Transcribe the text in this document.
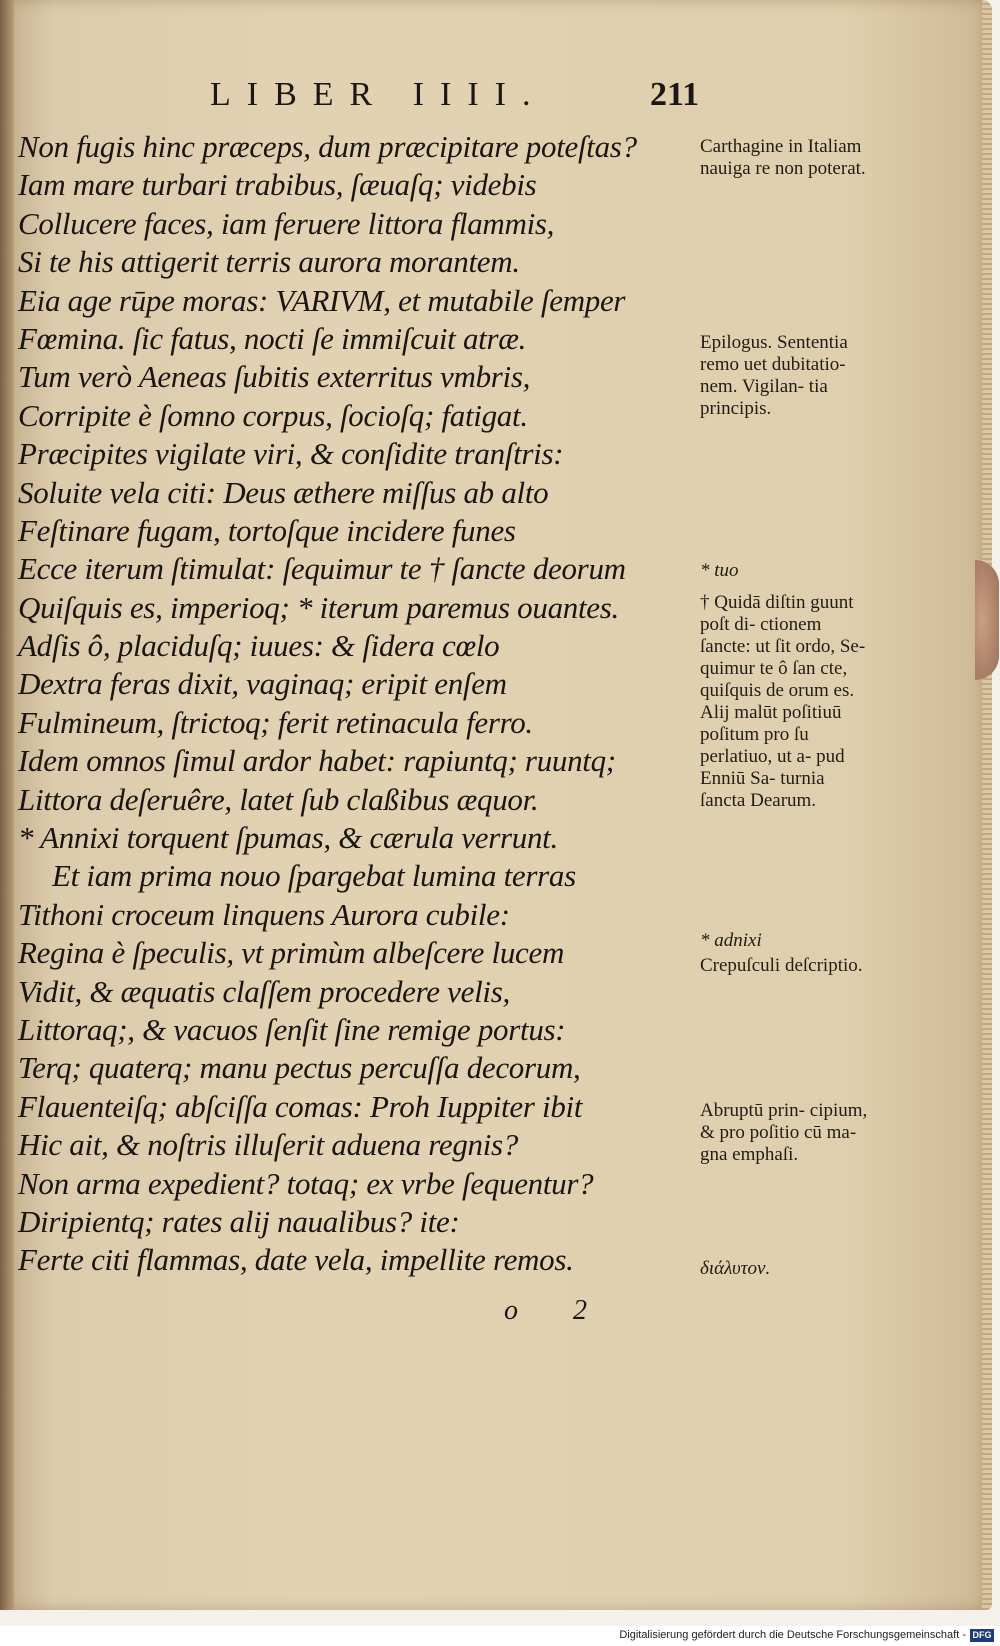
LIBER IIII.	211
Non fugis hinc præceps, dum præcipitare poteſtas?
Iam mare turbari trabibus, ſæuaſq; videbis
Collucere faces, iam feruere littora flammis,
Si te his attigerit terris aurora morantem.
Eia age rūpe moras: VARIVM, et mutabile ſemper
Fœmina. ſic fatus, nocti ſe immiſcuit atræ.
Tum verò Aeneas ſubitis exterritus vmbris,
Corripite è ſomno corpus, ſocioſq; fatigat.
Præcipites vigilate viri, & conſidite tranſtris:
Soluite vela citi: Deus æthere miſſus ab alto
Feſtinare fugam, tortoſque incidere funes
Ecce iterum ſtimulat: ſequimur te † ſancte deorum
Quiſquis es, imperioq; * iterum paremus ouantes.
Adſis ô, placiduſq; iuues: & ſidera cœlo
Dextra feras dixit, vaginaq; eripit enſem
Fulmineum, ſtrictoq; ferit retinacula ferro.
Idem omnos ſimul ardor habet: rapiuntq; ruuntq;
Littora deſeruêre, latet ſub claßibus æquor.
* Annixi torquent ſpumas, & cærula verrunt.
Et iam prima nouo ſpargebat lumina terras
Tithoni croceum linquens Aurora cubile:
Regina è ſpeculis, vt primùm albeſcere lucem
Vidit, & æquatis claſſem procedere velis,
Littoraq;, & vacuos ſenſit ſine remige portus:
Terq; quaterq; manu pectus percuſſa decorum,
Flauenteiſq; abſciſſa comas: Proh Iuppiter ibit
Hic ait, & noſtris illuſerit aduena regnis?
Non arma expedient? totaq; ex vrbe ſequentur?
Diripientq; rates alij naualibus? ite:
Ferte citi flammas, date vela, impellite remos.
Carthagine in Italiam nauiga re non poterat.
Epilogus. Sententia remo uet dubitatio- nem. Vigilan- tia principis.
* tuo
† Quidā diſtin guunt poſt di- ctionem ſancte: ut ſit ordo, Se- quimur te ô ſan cte, quiſquis de orum es. Alij malūt poſitiuū poſitum pro ſu perlatiuo, ut a- pud Enniū Sa- turnia ſancta Dearum.
* adnixi
Crepuſculi deſcriptio.
Abruptū prin- cipium, & pro poſitio cū ma- gna emphaſi.
διάλυτον.
o 2
Digitalisierung gefördert durch die Deutsche Forschungsgemeinschaft - DFG
